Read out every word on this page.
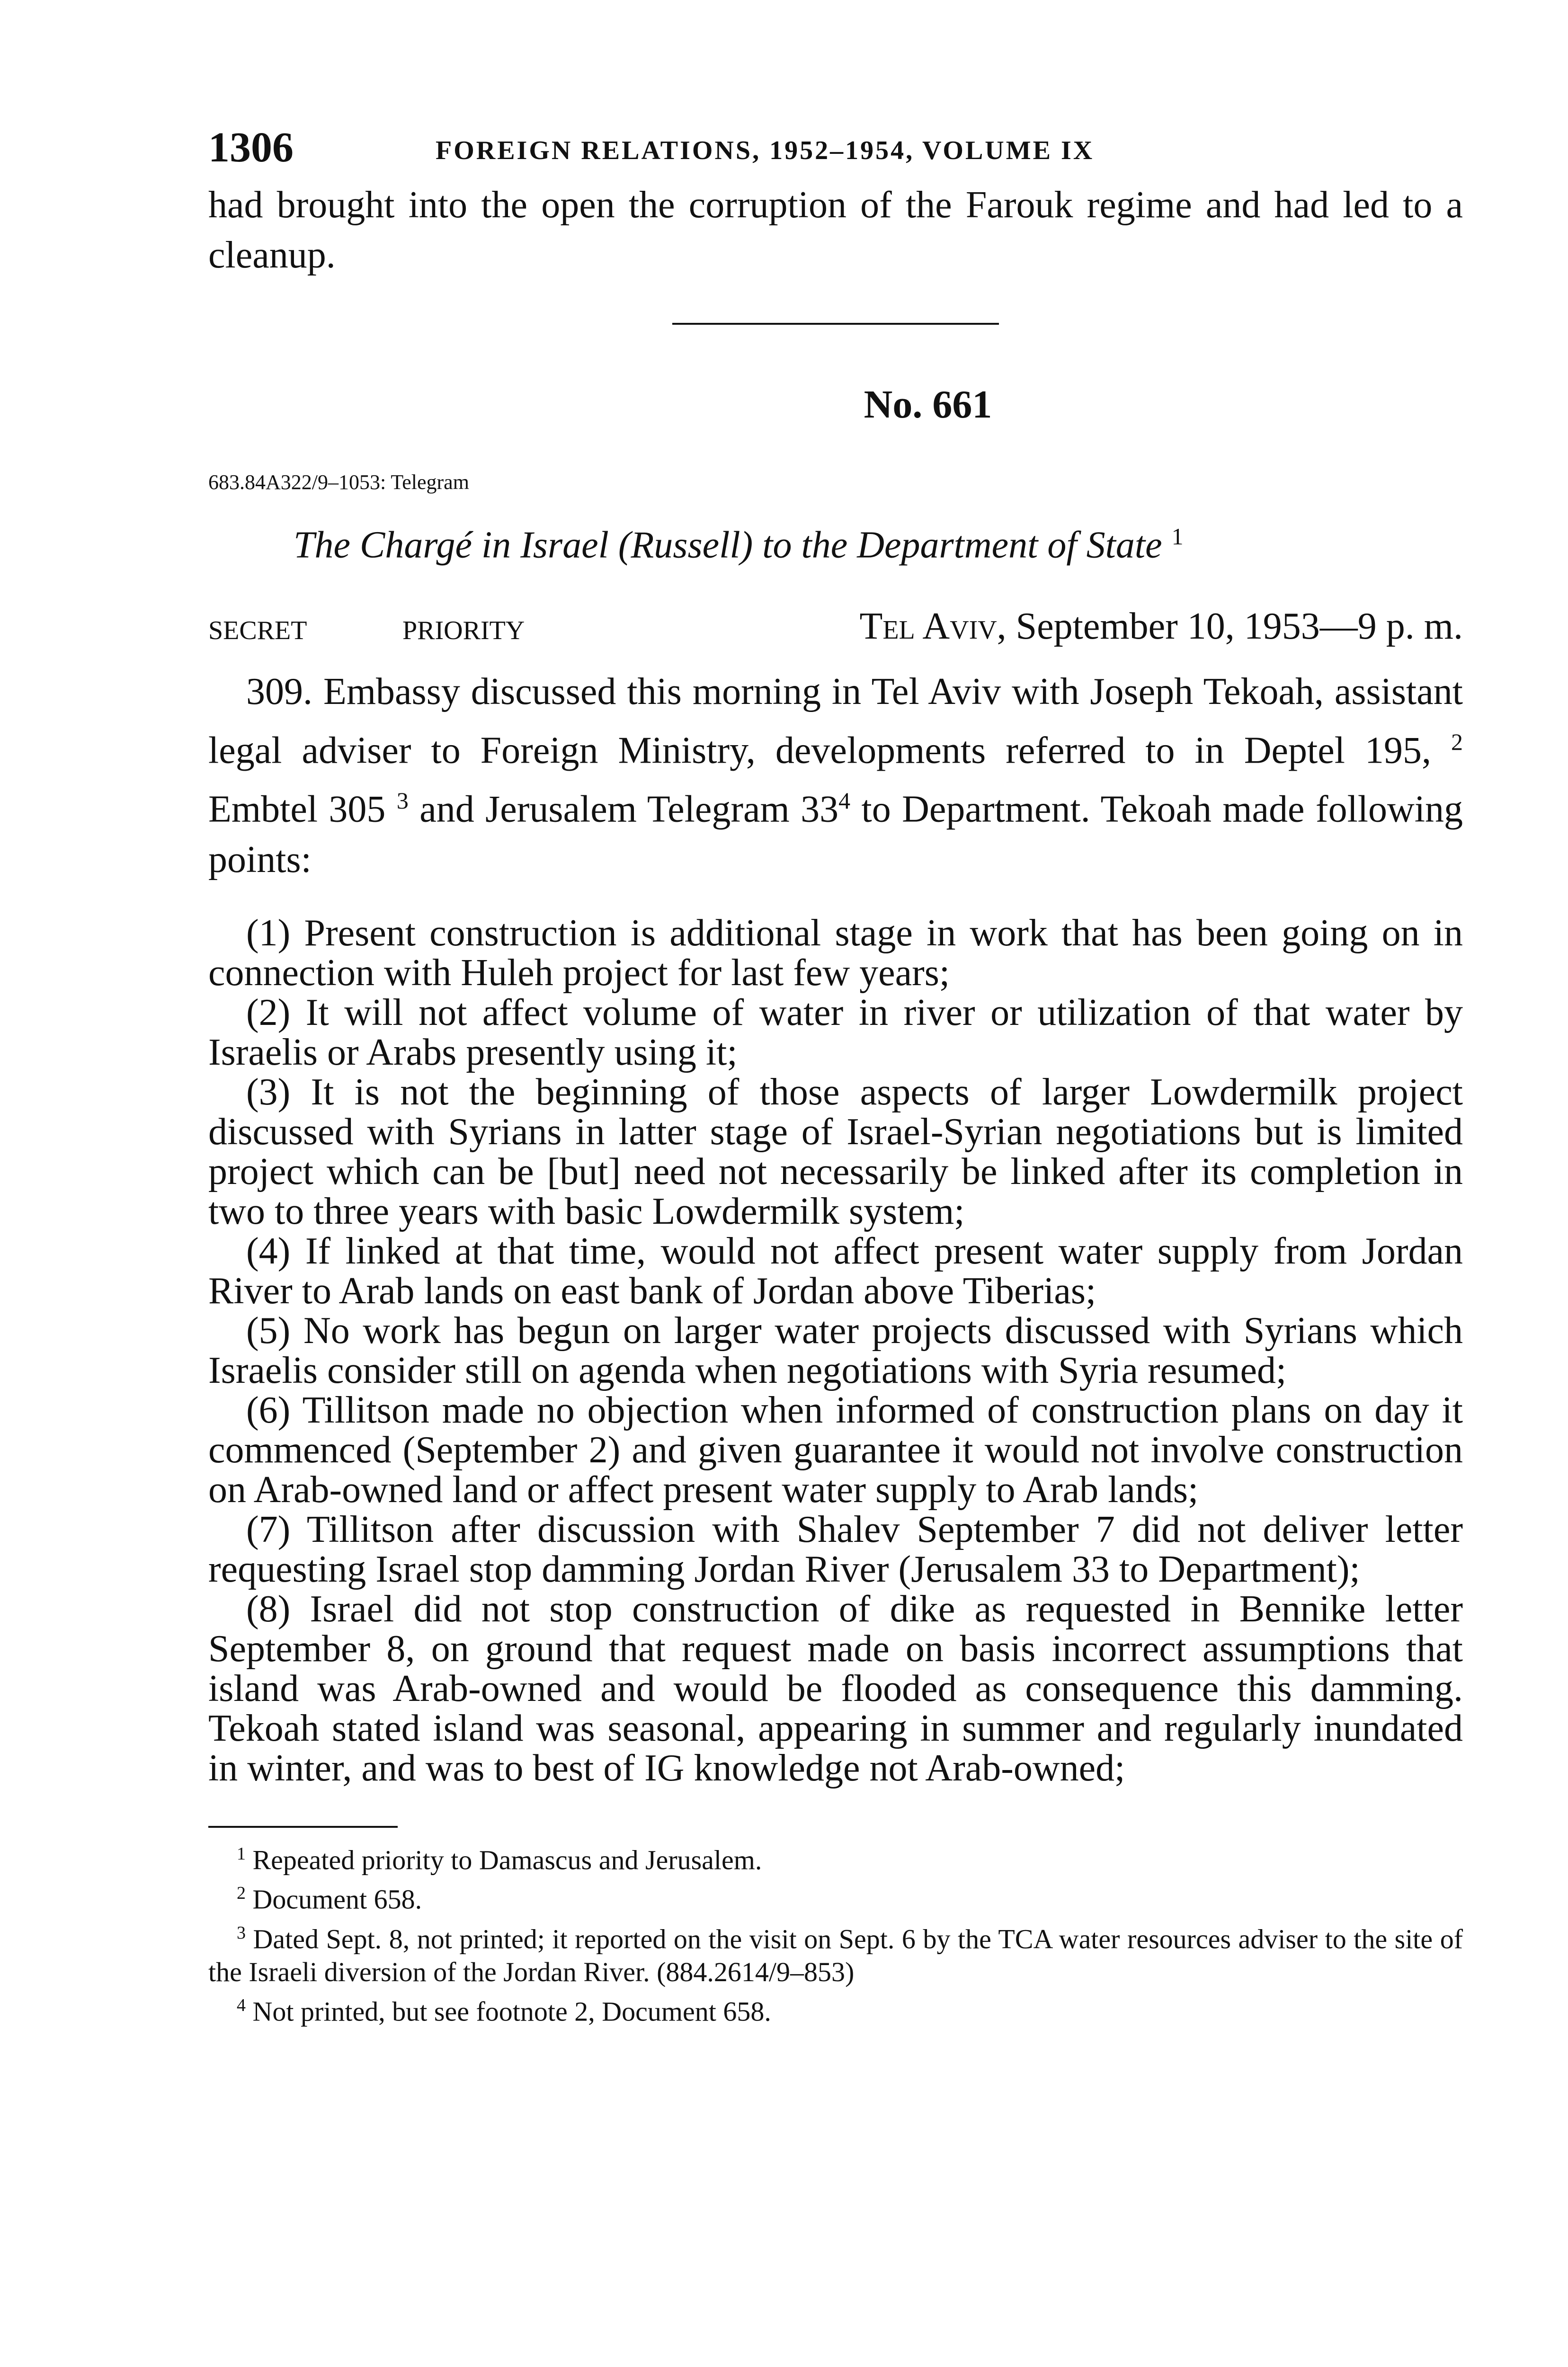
1306	FOREIGN RELATIONS, 1952–1954, VOLUME IX

had brought into the open the corruption of the Farouk regime and had led to a cleanup.

No. 661
683.84A322/9–1053: Telegram
The Chargé in Israel (Russell) to the Department of State $^1$
SECRET	PRIORITY	Tel Aviv, September 10, 1953—9 p. m.

309. Embassy discussed this morning in Tel Aviv with Joseph Tekoah, assistant legal adviser to Foreign Ministry, developments referred to in Deptel 195, $^2$ Embtel 305 $^3$ and Jerusalem Telegram $33^4$ to Department. Tekoah made following points:

(1) Present construction is additional stage in work that has been going on in connection with Huleh project for last few years;

(2) It will not affect volume of water in river or utilization of that water by Israelis or Arabs presently using it;

(3) It is not the beginning of those aspects of larger Lowdermilk project discussed with Syrians in latter stage of Israel-Syrian negotiations but is limited project which can be [but] need not necessarily be linked after its completion in two to three years with basic Lowdermilk system;

(4) If linked at that time, would not affect present water supply from Jordan River to Arab lands on east bank of Jordan above Tiberias;

(5) No work has begun on larger water projects discussed with Syrians which Israelis consider still on agenda when negotiations with Syria resumed;

(6) Tillitson made no objection when informed of construction plans on day it commenced (September 2) and given guarantee it would not involve construction on Arab-owned land or affect present water supply to Arab lands;

(7) Tillitson after discussion with Shalev September 7 did not deliver letter requesting Israel stop damming Jordan River (Jerusalem 33 to Department);

(8) Israel did not stop construction of dike as requested in Bennike letter September 8, on ground that request made on basis incorrect assumptions that island was Arab-owned and would be flooded as consequence this damming. Tekoah stated island was seasonal, appearing in summer and regularly inundated in winter, and was to best of IG knowledge not Arab-owned;

$^1$ Repeated priority to Damascus and Jerusalem.

$^2$ Document 658.

$^3$ Dated Sept. 8, not printed; it reported on the visit on Sept. 6 by the TCA water resources adviser to the site of the Israeli diversion of the Jordan River. (884.2614/9–853)

$^4$ Not printed, but see footnote 2, Document 658.
